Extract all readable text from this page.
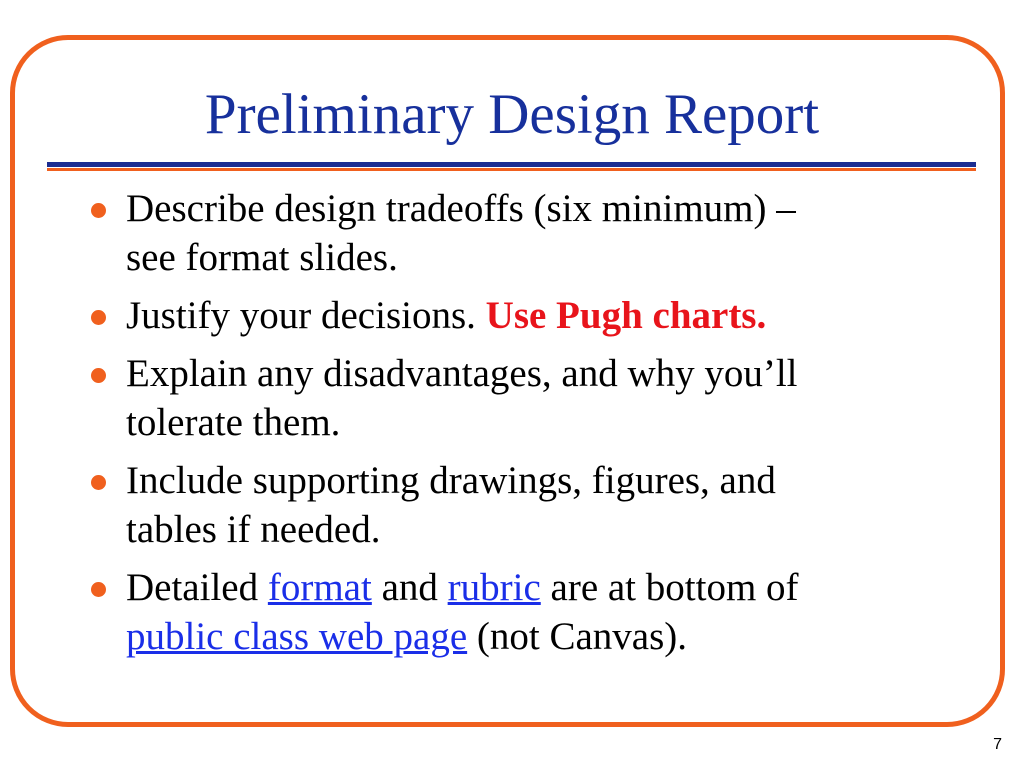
Preliminary Design Report
Describe design tradeoffs (six minimum) –
see format slides.
Justify your decisions. Use Pugh charts.
Explain any disadvantages, and why you’ll
tolerate them.
Include supporting drawings, figures, and
tables if needed.
Detailed format and rubric are at bottom of
public class web page (not Canvas).
7
